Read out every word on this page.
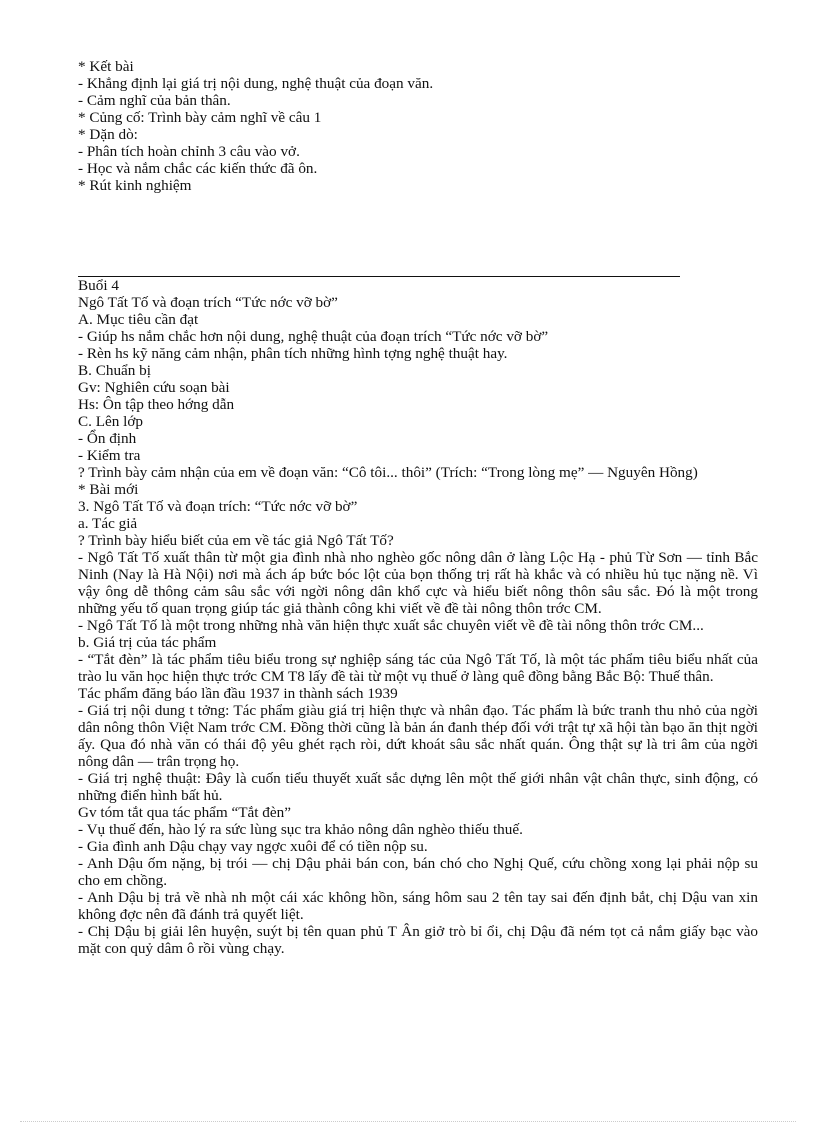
* Kết bài
- Khẳng định lại giá trị nội dung, nghệ thuật của đoạn văn.
- Cảm nghĩ của bản thân.
* Củng cố: Trình bày cảm nghĩ về câu 1
* Dặn dò:
- Phân tích hoàn chỉnh 3 câu vào vở.
- Học và nắm chắc các kiến thức đã ôn.
* Rút kinh nghiệm
Buổi 4
Ngô Tất Tố và đoạn trích “Tức nớc vỡ bờ”
A. Mục tiêu cần đạt
- Giúp hs nắm chắc hơn nội dung, nghệ thuật của đoạn trích “Tức nớc vỡ bờ”
- Rèn hs kỹ năng cảm nhận, phân tích những hình tợng nghệ thuật hay.
B. Chuẩn bị
Gv: Nghiên cứu soạn bài
Hs: Ôn tập theo hớng dẫn
C. Lên lớp
- Ổn định
- Kiểm tra
? Trình bày cảm nhận của em về đoạn văn: “Cô tôi... thôi” (Trích: “Trong lòng mẹ” — Nguyên Hồng)
* Bài mới
3. Ngô Tất Tố và đoạn trích: “Tức nớc vỡ bờ”
a. Tác giả
? Trình bày hiểu biết của em về tác giả Ngô Tất Tố?
- Ngô Tất Tố xuất thân từ một gia đình nhà nho nghèo gốc nông dân ở làng Lộc Hạ - phủ Từ Sơn — tỉnh Bắc Ninh (Nay là Hà Nội) nơi mà ách áp bức bóc lột của bọn thống trị rất hà khắc và có nhiều hủ tục nặng nề. Vì vậy ông dễ thông cảm sâu sắc với ngời nông dân khổ cực và hiểu biết nông thôn sâu sắc. Đó là một trong những yếu tố quan trọng giúp tác giả thành công khi viết về đề tài nông thôn trớc CM.
- Ngô Tất Tố là một trong những nhà văn hiện thực xuất sắc chuyên viết về đề tài nông thôn trớc CM...
b. Giá trị của tác phẩm
- “Tắt đèn” là tác phẩm tiêu biểu trong sự nghiệp sáng tác của Ngô Tất Tố, là một tác phẩm tiêu biểu nhất của trào lu văn học hiện thực trớc CM T8 lấy đề tài từ một vụ thuế ở làng quê đồng bằng Bắc Bộ: Thuế thân.
Tác phẩm đăng báo lần đầu 1937 in thành sách 1939
- Giá trị nội dung t tởng: Tác phẩm giàu giá trị hiện thực và nhân đạo. Tác phẩm là bức tranh thu nhỏ của ngời dân nông thôn Việt Nam trớc CM. Đồng thời cũng là bản án đanh thép đối với trật tự xã hội tàn bạo ăn thịt ngời ấy. Qua đó nhà văn có thái độ yêu ghét rạch ròi, dứt khoát sâu sắc nhất quán. Ông thật sự là tri âm của ngời nông dân — trân trọng họ.
- Giá trị nghệ thuật: Đây là cuốn tiểu thuyết xuất sắc dựng lên một thế giới nhân vật chân thực, sinh động, có những điển hình bất hủ.
Gv tóm tắt qua tác phẩm “Tắt đèn”
- Vụ thuế đến, hào lý ra sức lùng sục tra khảo nông dân nghèo thiếu thuế.
- Gia đình anh Dậu chạy vay ngợc xuôi để có tiền nộp su.
- Anh Dậu ốm nặng, bị trói — chị Dậu phải bán con, bán chó cho Nghị Quế, cứu chồng xong lại phải nộp su cho em chồng.
- Anh Dậu bị trả về nhà nh một cái xác không hồn, sáng hôm sau 2 tên tay sai đến định bắt, chị Dậu van xin không đợc nên đã đánh trả quyết liệt.
- Chị Dậu bị giải lên huyện, suýt bị tên quan phủ T Ân giở trò bỉ ổi, chị Dậu đã ném tọt cả nắm giấy bạc vào mặt con quỷ dâm ô rồi vùng chạy.
